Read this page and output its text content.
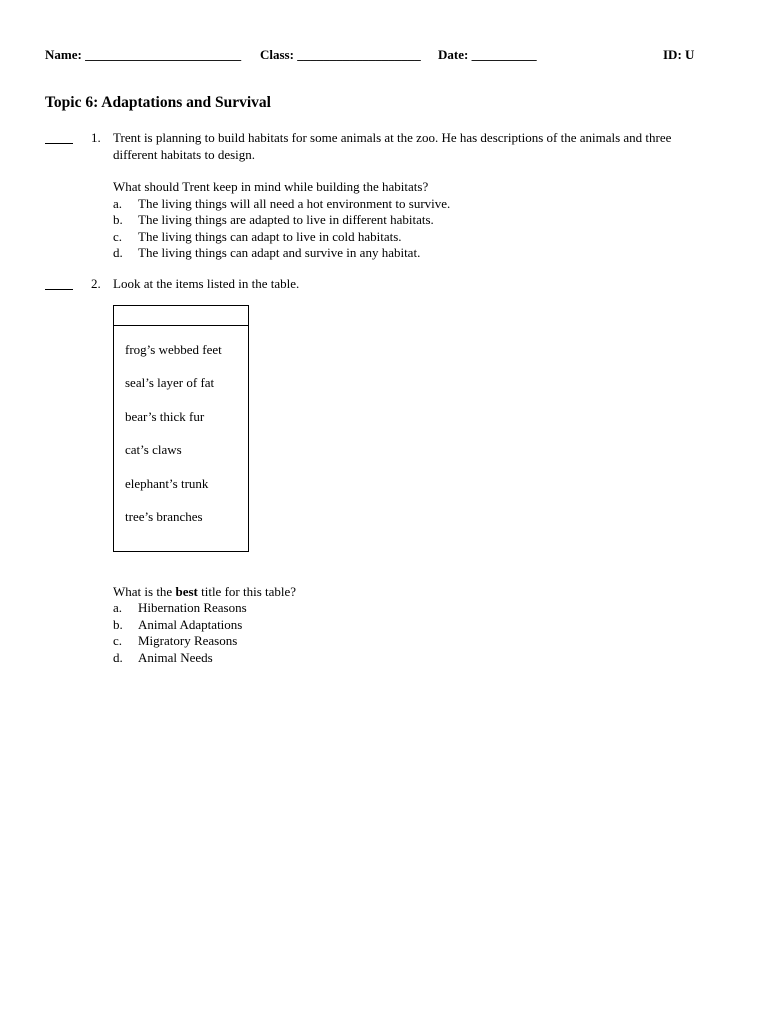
Name: ________________________ Class: ___________________ Date: __________	ID: U
Topic 6: Adaptations and Survival
1. Trent is planning to build habitats for some animals at the zoo. He has descriptions of the animals and three different habitats to design.
What should Trent keep in mind while building the habitats?
a. The living things will all need a hot environment to survive.
b. The living things are adapted to live in different habitats.
c. The living things can adapt to live in cold habitats.
d. The living things can adapt and survive in any habitat.
2. Look at the items listed in the table.
frog’s webbed feet
seal’s layer of fat
bear’s thick fur
cat’s claws
elephant’s trunk
tree’s branches
What is the best title for this table?
a. Hibernation Reasons
b. Animal Adaptations
c. Migratory Reasons
d. Animal Needs
